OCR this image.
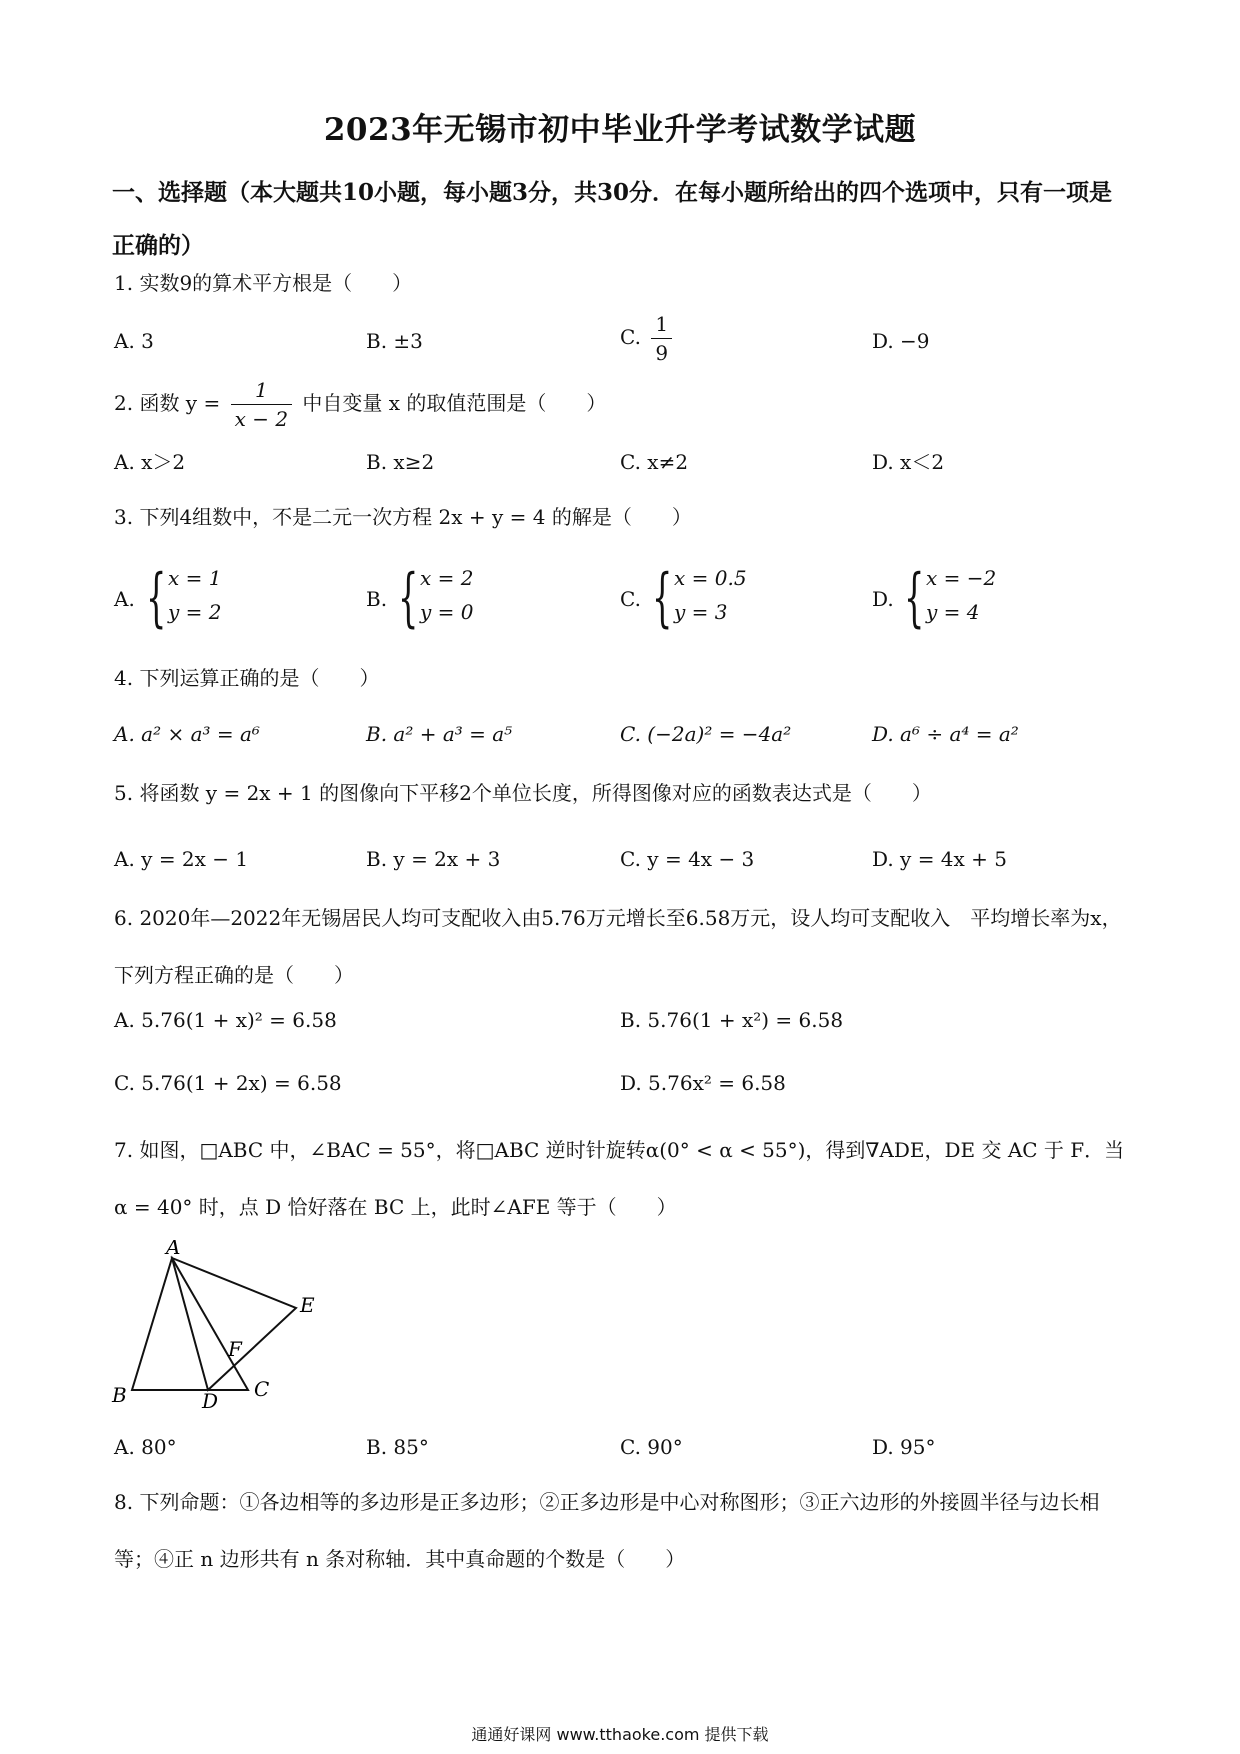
2023年无锡市初中毕业升学考试数学试题
一、选择题（本大题共10小题，每小题3分，共30分．在每小题所给出的四个选项中，只有一项是正确的）
1. 实数9的算术平方根是（　　）
A. 3	B. ±3	C. $\frac{1}{9}$	D. −9
2. 函数 $y = \frac{1}{x - 2}$ 中自变量 x 的取值范围是（　　）
A. x＞2	B. x≥2	C. x≠2	D. x＜2
3. 下列4组数中，不是二元一次方程 2x + y = 4 的解是（　　）
A. { x = 1
y = 2
B. { x = 2
y = 0
C. { x = 0.5
y = 3
D. { x = −2
y = 4
4. 下列运算正确的是（　　）
A. a² × a³ = a⁶	B. a² + a³ = a⁵	C. (−2a)² = −4a²	D. a⁶ ÷ a⁴ = a²
5. 将函数 y = 2x + 1 的图像向下平移2个单位长度，所得图像对应的函数表达式是（　　）
A. y = 2x − 1	B. y = 2x + 3	C. y = 4x − 3	D. y = 4x + 5
6. 2020年—2022年无锡居民人均可支配收入由5.76万元增长至6.58万元，设人均可支配收入　平均增长率为x，下列方程正确的是（　　）
A. 5.76(1 + x)² = 6.58	B. 5.76(1 + x²) = 6.58
C. 5.76(1 + 2x) = 6.58	D. 5.76x² = 6.58
7. 如图，□ABC 中，∠BAC = 55°，将□ABC 逆时针旋转α(0° < α < 55°)，得到∇ADE，DE 交 AC 于 F．当 α = 40° 时，点 D 恰好落在 BC 上，此时∠AFE 等于（　　）
A
B	D C
E
F
A. 80°	B. 85°	C. 90°	D. 95°
8. 下列命题：①各边相等的多边形是正多边形；②正多边形是中心对称图形；③正六边形的外接圆半径与边长相等；④正 n 边形共有 n 条对称轴．其中真命题的个数是（　　）
通通好课网 www.tthaoke.com 提供下载
